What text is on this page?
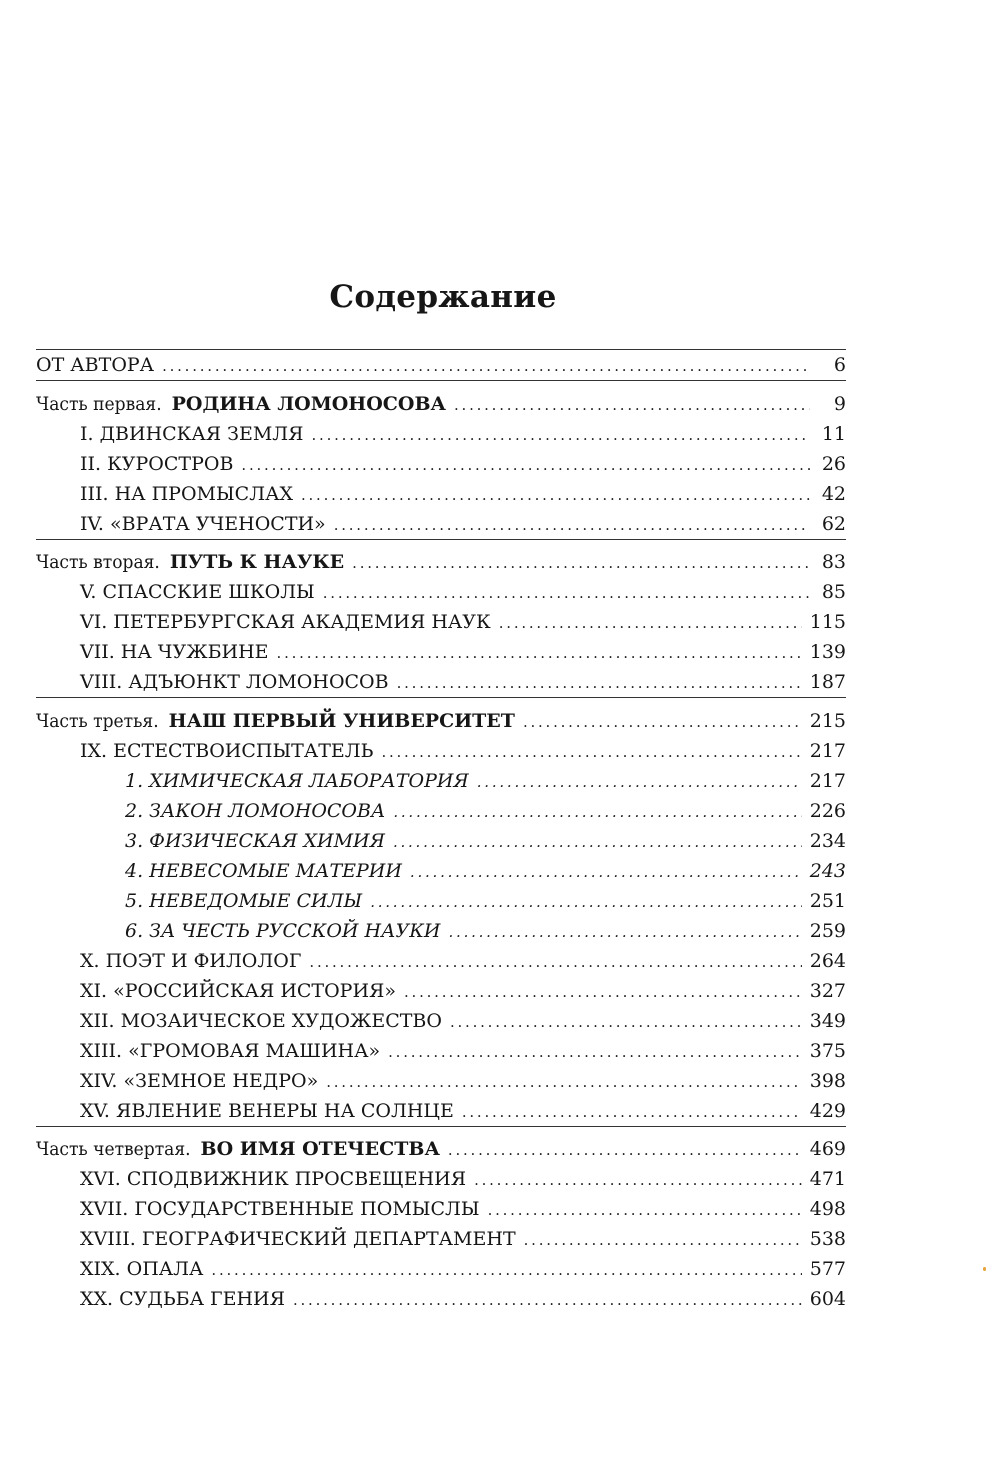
Содержание
ОТ АВТОРА . . .	6
Часть первая. РОДИНА ЛОМОНОСОВА . . .	9
I. ДВИНСКАЯ ЗЕМЛЯ . . .	11
II. КУРОСТРОВ . . .	26
III. НА ПРОМЫСЛАХ . . .	42
IV. «ВРАТА УЧЕНОСТИ» . . .	62
Часть вторая. ПУТЬ К НАУКЕ . . .	83
V. СПАССКИЕ ШКОЛЫ . . .	85
VI. ПЕТЕРБУРГСКАЯ АКАДЕМИЯ НАУК . . .	115
VII. НА ЧУЖБИНЕ . . .	139
VIII. АДЪЮНКТ ЛОМОНОСОВ . . .	187
Часть третья. НАШ ПЕРВЫЙ УНИВЕРСИТЕТ . . .	215
IX. ЕСТЕСТВОИСПЫТАТЕЛЬ . . .	217
1. ХИМИЧЕСКАЯ ЛАБОРАТОРИЯ . . .	217
2. ЗАКОН ЛОМОНОСОВА . . .	226
3. ФИЗИЧЕСКАЯ ХИМИЯ . . .	234
4. НЕВЕСОМЫЕ МАТЕРИИ . . .	243
5. НЕВЕДОМЫЕ СИЛЫ . . .	251
6. ЗА ЧЕСТЬ РУССКОЙ НАУКИ . . .	259
X. ПОЭТ И ФИЛОЛОГ . . .	264
XI. «РОССИЙСКАЯ ИСТОРИЯ» . . .	327
XII. МОЗАИЧЕСКОЕ ХУДОЖЕСТВО . . .	349
XIII. «ГРОМОВАЯ МАШИНА» . . .	375
XIV. «ЗЕМНОЕ НЕДРО» . . .	398
XV. ЯВЛЕНИЕ ВЕНЕРЫ НА СОЛНЦЕ . . .	429
Часть четвертая. ВО ИМЯ ОТЕЧЕСТВА . . .	469
XVI. СПОДВИЖНИК ПРОСВЕЩЕНИЯ . . .	471
XVII. ГОСУДАРСТВЕННЫЕ ПОМЫСЛЫ . . .	498
XVIII. ГЕОГРАФИЧЕСКИЙ ДЕПАРТАМЕНТ . . .	538
XIX. ОПАЛА . . .	577
XX. СУДЬБА ГЕНИЯ . . .	604
